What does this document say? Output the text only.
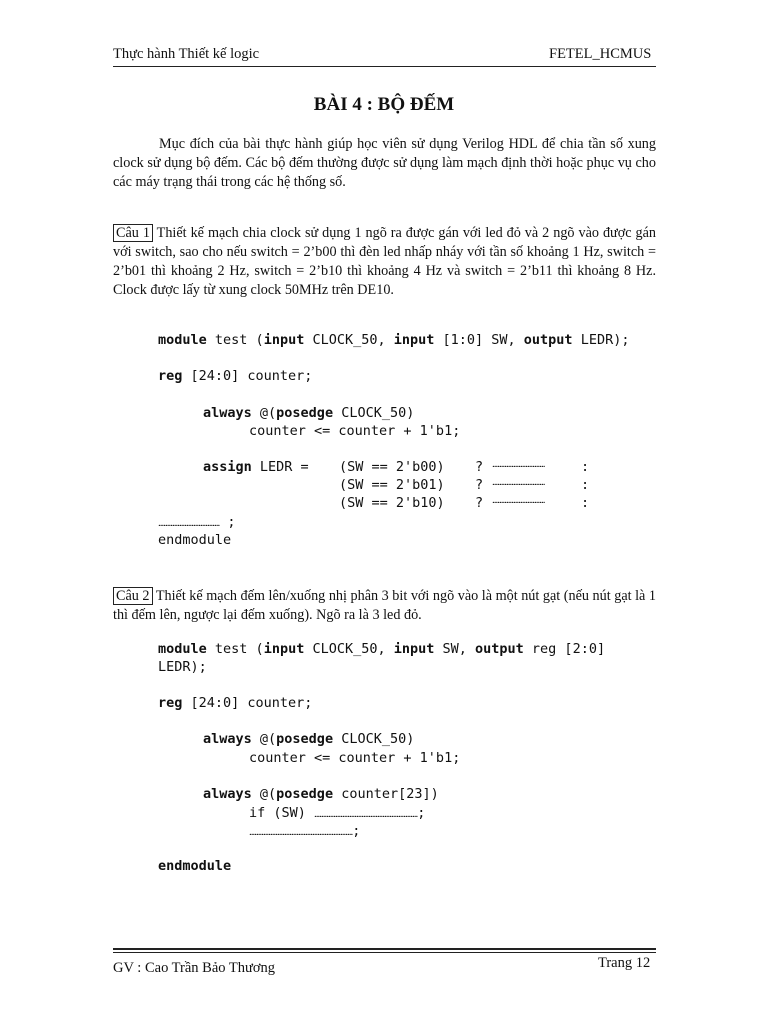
Thực hành Thiết kế logic	FETEL_HCMUS
BÀI 4 : BỘ ĐẾM
Mục đích của bài thực hành giúp học viên sử dụng Verilog HDL để chia tần số xung clock sử dụng bộ đếm. Các bộ đếm thường được sử dụng làm mạch định thời hoặc phục vụ cho các máy trạng thái trong các hệ thống số.
Câu 1 Thiết kế mạch chia clock sử dụng 1 ngõ ra được gán với led đỏ và 2 ngõ vào được gán với switch, sao cho nếu switch = 2’b00 thì đèn led nhấp nháy với tần số khoảng 1 Hz, switch = 2’b01 thì khoảng 2 Hz, switch = 2’b10 thì khoảng 4 Hz và switch = 2’b11 thì khoảng 8 Hz. Clock được lấy từ xung clock 50MHz trên DE10.
module test (input CLOCK_50, input [1:0] SW, output LEDR);
reg [24:0] counter;
always @(posedge CLOCK_50)
counter <= counter + 1'b1;
assign LEDR = (SW == 2'b00)
(SW == 2'b01)
(SW == 2'b10)
?
?
?
..............................
..............................
..............................
:
:
:
................................... ;
endmodule
Câu 2 Thiết kế mạch đếm lên/xuống nhị phân 3 bit với ngõ vào là một nút gạt (nếu nút gạt là 1 thì đếm lên, ngược lại đếm xuống). Ngõ ra là 3 led đỏ.
module test (input CLOCK_50, input SW, output reg [2:0]
LEDR);
reg [24:0] counter;
always @(posedge CLOCK_50)
counter <= counter + 1'b1;
always @(posedge counter[23])
if (SW) ...........................................................;
...........................................................;
endmodule
GV : Cao Trần Bảo Thương	Trang 12
